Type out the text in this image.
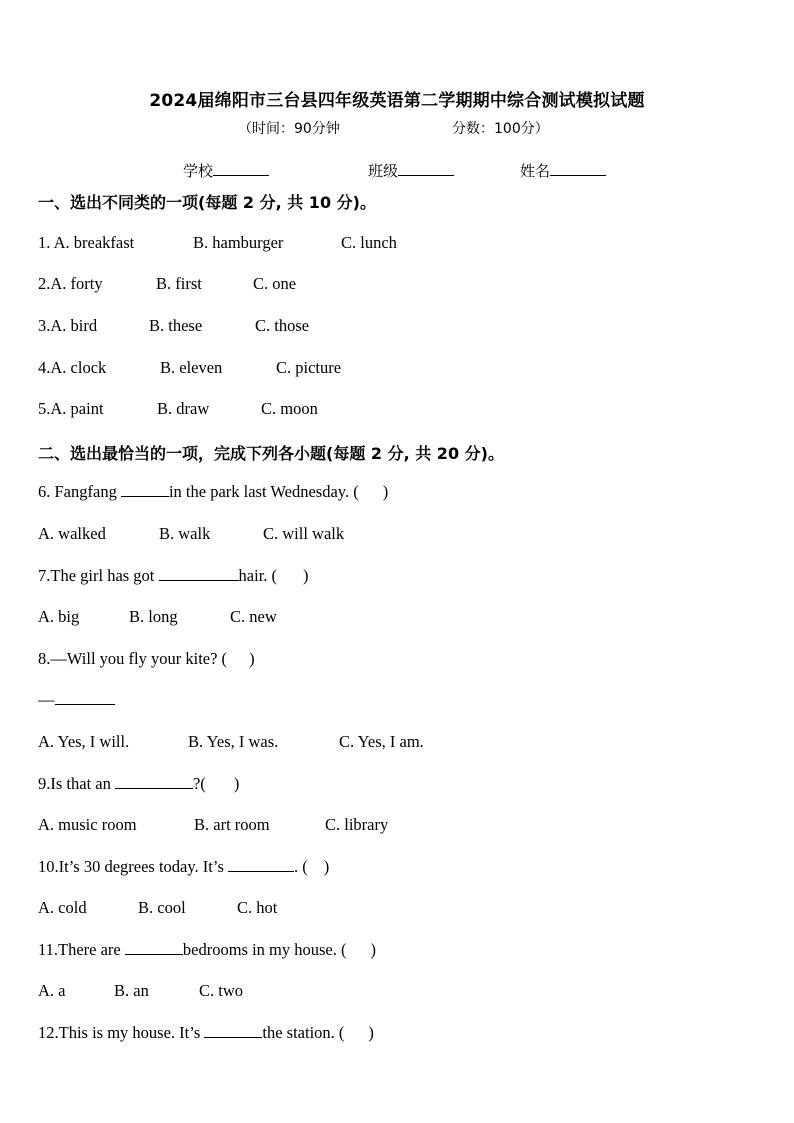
2024届绵阳市三台县四年级英语第二学期期中综合测试模拟试题
（时间：90分钟	分数：100分）
学校	班级	姓名
一、选出不同类的一项(每题 2 分, 共 10 分)。
1. A. breakfast	B. hamburger	C. lunch
2.A. forty	B. first	C. one
3.A. bird	B. these	C. those
4.A. clock	B. eleven	C. picture
5.A. paint	B. draw	C. moon
二、选出最恰当的一项，完成下列各小题(每题 2 分, 共 20 分)。
6. Fangfang	in the park last Wednesday. ( )
A. walked	B. walk	C. will walk
7.The girl has got	hair. ( )
A. big	B. long	C. new
8.—Will you fly your kite? ( )
—
A. Yes, I will.	B. Yes, I was.	C. Yes, I am.
9.Is that an	?( )
A. music room	B. art room	C. library
10.It’s 30 degrees today. It’s	. ( )
A. cold	B. cool	C. hot
11.There are	bedrooms in my house. ( )
A. a	B. an	C. two
12.This is my house. It’s	the station. ( )
